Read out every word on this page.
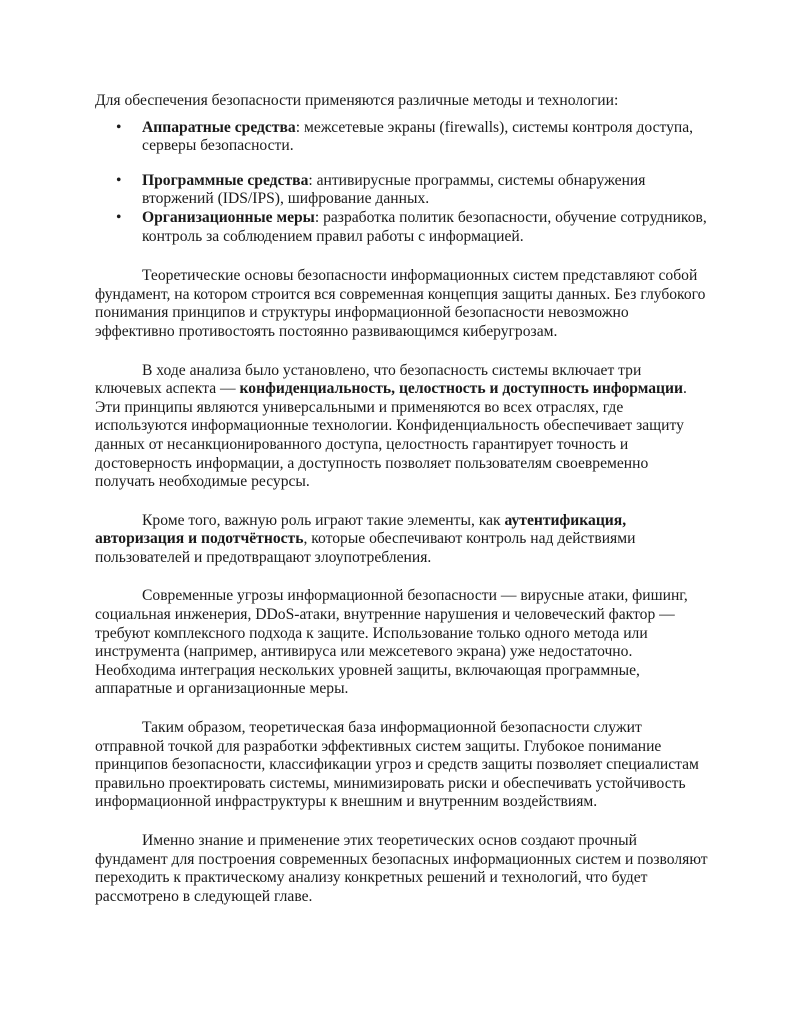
Для обеспечения безопасности применяются различные методы и технологии:

• Аппаратные средства: межсетевые экраны (firewalls), системы контроля доступа, серверы безопасности.
• Программные средства: антивирусные программы, системы обнаружения вторжений (IDS/IPS), шифрование данных.
• Организационные меры: разработка политик безопасности, обучение сотрудников, контроль за соблюдением правил работы с информацией.

Теоретические основы безопасности информационных систем представляют собой фундамент, на котором строится вся современная концепция защиты данных. Без глубокого понимания принципов и структуры информационной безопасности невозможно эффективно противостоять постоянно развивающимся киберугрозам.

В ходе анализа было установлено, что безопасность системы включает три ключевых аспекта — конфиденциальность, целостность и доступность информации. Эти принципы являются универсальными и применяются во всех отраслях, где используются информационные технологии. Конфиденциальность обеспечивает защиту данных от несанкционированного доступа, целостность гарантирует точность и достоверность информации, а доступность позволяет пользователям своевременно получать необходимые ресурсы.

Кроме того, важную роль играют такие элементы, как аутентификация, авторизация и подотчётность, которые обеспечивают контроль над действиями пользователей и предотвращают злоупотребления.

Современные угрозы информационной безопасности — вирусные атаки, фишинг, социальная инженерия, DDoS-атаки, внутренние нарушения и человеческий фактор — требуют комплексного подхода к защите. Использование только одного метода или инструмента (например, антивируса или межсетевого экрана) уже недостаточно. Необходима интеграция нескольких уровней защиты, включающая программные, аппаратные и организационные меры.

Таким образом, теоретическая база информационной безопасности служит отправной точкой для разработки эффективных систем защиты. Глубокое понимание принципов безопасности, классификации угроз и средств защиты позволяет специалистам правильно проектировать системы, минимизировать риски и обеспечивать устойчивость информационной инфраструктуры к внешним и внутренним воздействиям.

Именно знание и применение этих теоретических основ создают прочный фундамент для построения современных безопасных информационных систем и позволяют переходить к практическому анализу конкретных решений и технологий, что будет рассмотрено в следующей главе.
